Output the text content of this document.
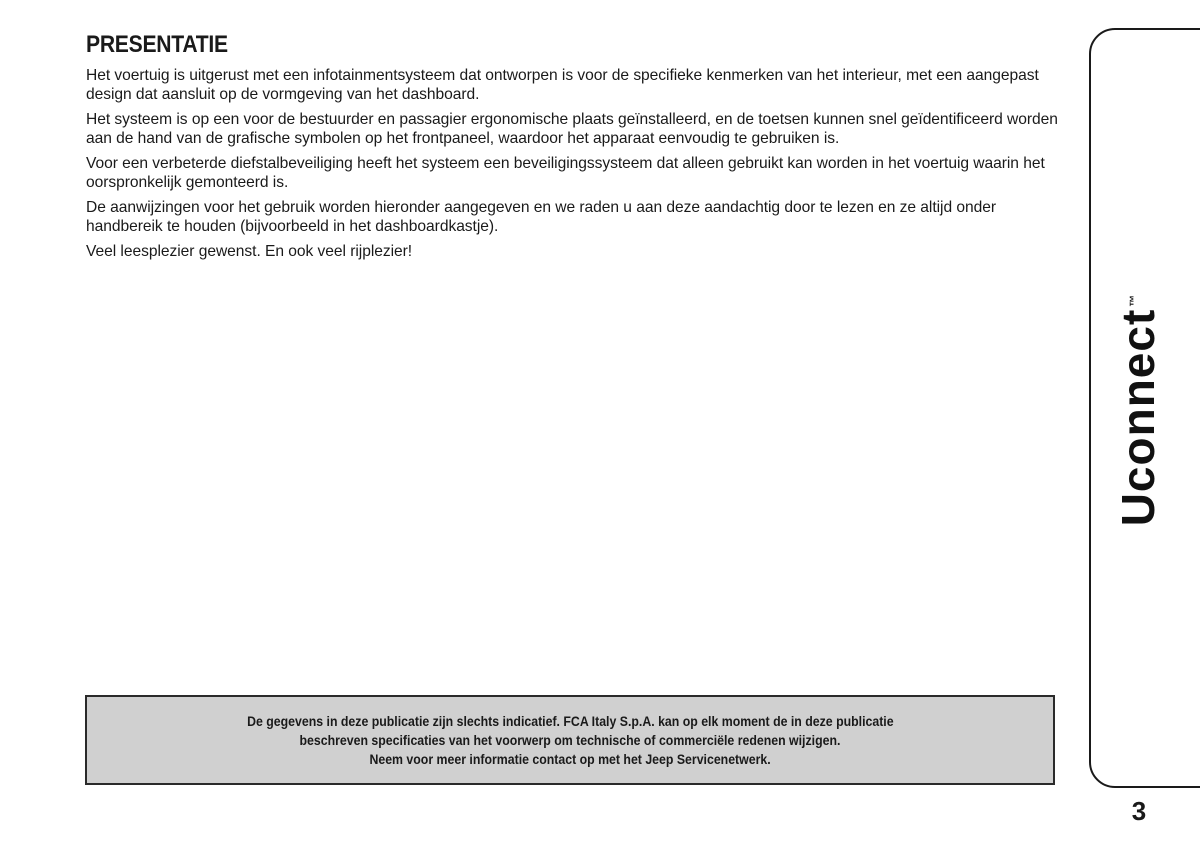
PRESENTATIE

Het voertuig is uitgerust met een infotainmentsysteem dat ontworpen is voor de specifieke kenmerken van het interieur, met een aangepast design dat aansluit op de vormgeving van het dashboard.

Het systeem is op een voor de bestuurder en passagier ergonomische plaats geïnstalleerd, en de toetsen kunnen snel geïdentificeerd worden aan de hand van de grafische symbolen op het frontpaneel, waardoor het apparaat eenvoudig te gebruiken is.

Voor een verbeterde diefstalbeveiliging heeft het systeem een beveiligingssysteem dat alleen gebruikt kan worden in het voertuig waarin het oorspronkelijk gemonteerd is.

De aanwijzingen voor het gebruik worden hieronder aangegeven en we raden u aan deze aandachtig door te lezen en ze altijd onder handbereik te houden (bijvoorbeeld in het dashboardkastje).

Veel leesplezier gewenst. En ook veel rijplezier!

De gegevens in deze publicatie zijn slechts indicatief. FCA Italy S.p.A. kan op elk moment de in deze publicatie
beschreven specificaties van het voorwerp om technische of commerciële redenen wijzigen.
Neem voor meer informatie contact op met het Jeep Servicenetwerk.
Uconnect™
3
